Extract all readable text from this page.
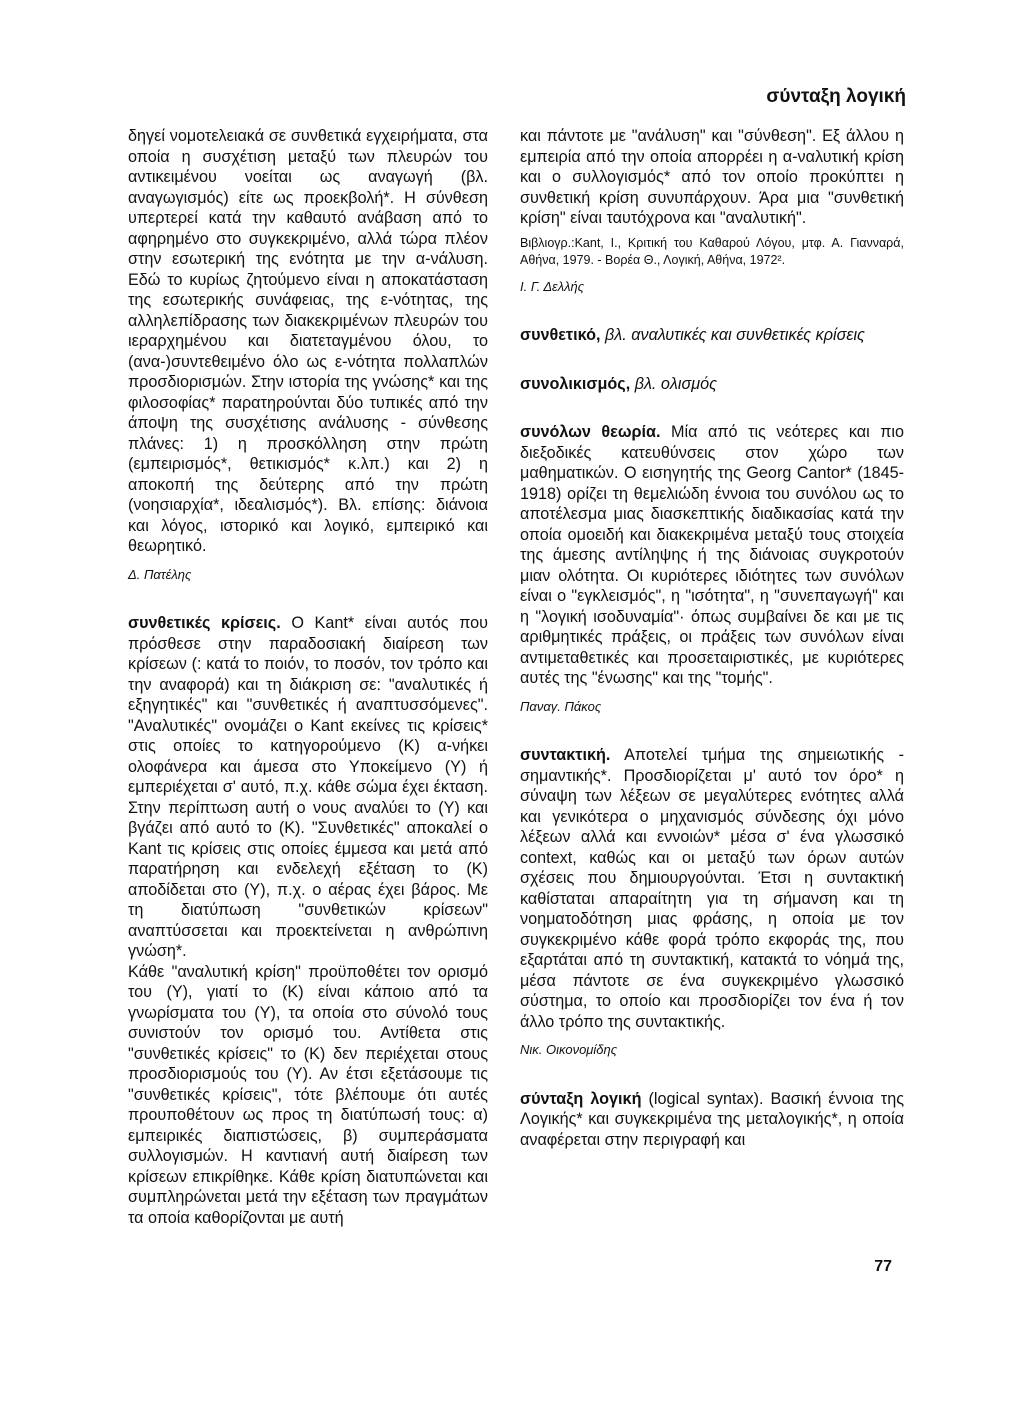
σύνταξη λογική

δηγεί νομοτελειακά σε συνθετικά εγχειρήματα, στα οποία η συσχέτιση μεταξύ των πλευρών του αντικειμένου νοείται ως αναγωγή (βλ. αναγωγισμός) είτε ως προεκβολή*. Η σύνθεση υπερτερεί κατά την καθαυτό ανάβαση από το αφηρημένο στο συγκεκριμένο, αλλά τώρα πλέον στην εσωτερική της ενότητα με την α-νάλυση. Εδώ το κυρίως ζητούμενο είναι η αποκατάσταση της εσωτερικής συνάφειας, της ε-νότητας, της αλληλεπίδρασης των διακεκριμένων πλευρών του ιεραρχημένου και διατεταγμένου όλου, το (ανα-)συντεθειμένο όλο ως ε-νότητα πολλαπλών προσδιορισμών. Στην ιστορία της γνώσης* και της φιλοσοφίας* παρατηρούνται δύο τυπικές από την άποψη της συσχέτισης ανάλυσης - σύνθεσης πλάνες: 1) η προσκόλληση στην πρώτη (εμπειρισμός*, θετικισμός* κ.λπ.) και 2) η αποκοπή της δεύτερης από την πρώτη (νοησιαρχία*, ιδεαλισμός*). Βλ. επίσης: διάνοια και λόγος, ιστορικό και λογικό, εμπειρικό και θεωρητικό.

Δ. Πατέλης

συνθετικές κρίσεις. Ο Kant* είναι αυτός που πρόσθεσε στην παραδοσιακή διαίρεση των κρίσεων (: κατά το ποιόν, το ποσόν, τον τρόπο και την αναφορά) και τη διάκριση σε: "αναλυτικές ή εξηγητικές" και "συνθετικές ή αναπτυσσόμενες". "Αναλυτικές" ονομάζει ο Kant εκείνες τις κρίσεις* στις οποίες το κατηγορούμενο (Κ) α-νήκει ολοφάνερα και άμεσα στο Υποκείμενο (Υ) ή εμπεριέχεται σ' αυτό, π.χ. κάθε σώμα έχει έκταση. Στην περίπτωση αυτή ο νους αναλύει το (Υ) και βγάζει από αυτό το (Κ). "Συνθετικές" αποκαλεί ο Kant τις κρίσεις στις οποίες έμμεσα και μετά από παρατήρηση και ενδελεχή εξέταση το (Κ) αποδίδεται στο (Υ), π.χ. ο αέρας έχει βάρος. Με τη διατύπωση "συνθετικών κρίσεων" αναπτύσσεται και προεκτείνεται η ανθρώπινη γνώση*.

Κάθε "αναλυτική κρίση" προϋποθέτει τον ορισμό του (Υ), γιατί το (Κ) είναι κάποιο από τα γνωρίσματα του (Υ), τα οποία στο σύνολό τους συνιστούν τον ορισμό του. Αντίθετα στις "συνθετικές κρίσεις" το (Κ) δεν περιέχεται στους προσδιορισμούς του (Υ). Αν έτσι εξετάσουμε τις "συνθετικές κρίσεις", τότε βλέπουμε ότι αυτές προυποθέτουν ως προς τη διατύπωσή τους: α) εμπειρικές διαπιστώσεις, β) συμπεράσματα συλλογισμών. Η καντιανή αυτή διαίρεση των κρίσεων επικρίθηκε. Κάθε κρίση διατυπώνεται και συμπληρώνεται μετά την εξέταση των πραγμάτων τα οποία καθορίζονται με αυτή

και πάντοτε με "ανάλυση" και "σύνθεση". Εξ άλλου η εμπειρία από την οποία απορρέει η α-ναλυτική κρίση και ο συλλογισμός* από τον οποίο προκύπτει η συνθετική κρίση συνυπάρχουν. Άρα μια "συνθετική κρίση" είναι ταυτόχρονα και "αναλυτική".

Βιβλιογρ.:Kant, I., Κριτική του Καθαρού Λόγου, μτφ. Α. Γιανναρά, Αθήνα, 1979. - Βορέα Θ., Λογική, Αθήνα, 1972².

Ι. Γ. Δελλής

συνθετικό, βλ. αναλυτικές και συνθετικές κρίσεις

συνολικισμός, βλ. ολισμός

συνόλων θεωρία. Μία από τις νεότερες και πιο διεξοδικές κατευθύνσεις στον χώρο των μαθηματικών. Ο εισηγητής της Georg Cantor* (1845-1918) ορίζει τη θεμελιώδη έννοια του συνόλου ως το αποτέλεσμα μιας διασκεπτικής διαδικασίας κατά την οποία ομοειδή και διακεκριμένα μεταξύ τους στοιχεία της άμεσης αντίληψης ή της διάνοιας συγκροτούν μιαν ολότητα. Οι κυριότερες ιδιότητες των συνόλων είναι ο "εγκλεισμός", η "ισότητα", η "συνεπαγωγή" και η "λογική ισοδυναμία"· όπως συμβαίνει δε και με τις αριθμητικές πράξεις, οι πράξεις των συνόλων είναι αντιμεταθετικές και προσεταιριστικές, με κυριότερες αυτές της "ένωσης" και της "τομής".

Παναγ. Πάκος

συντακτική. Αποτελεί τμήμα της σημειωτικής - σημαντικής*. Προσδιορίζεται μ' αυτό τον όρο* η σύναψη των λέξεων σε μεγαλύτερες ενότητες αλλά και γενικότερα ο μηχανισμός σύνδεσης όχι μόνο λέξεων αλλά και εννοιών* μέσα σ' ένα γλωσσικό context, καθώς και οι μεταξύ των όρων αυτών σχέσεις που δημιουργούνται. Έτσι η συντακτική καθίσταται απαραίτητη για τη σήμανση και τη νοηματοδότηση μιας φράσης, η οποία με τον συγκεκριμένο κάθε φορά τρόπο εκφοράς της, που εξαρτάται από τη συντακτική, κατακτά το νόημά της, μέσα πάντοτε σε ένα συγκεκριμένο γλωσσικό σύστημα, το οποίο και προσδιορίζει τον ένα ή τον άλλο τρόπο της συντακτικής.

Νικ. Οικονομίδης

σύνταξη λογική (logical syntax). Βασική έννοια της Λογικής* και συγκεκριμένα της μεταλογικής*, η οποία αναφέρεται στην περιγραφή και

77
